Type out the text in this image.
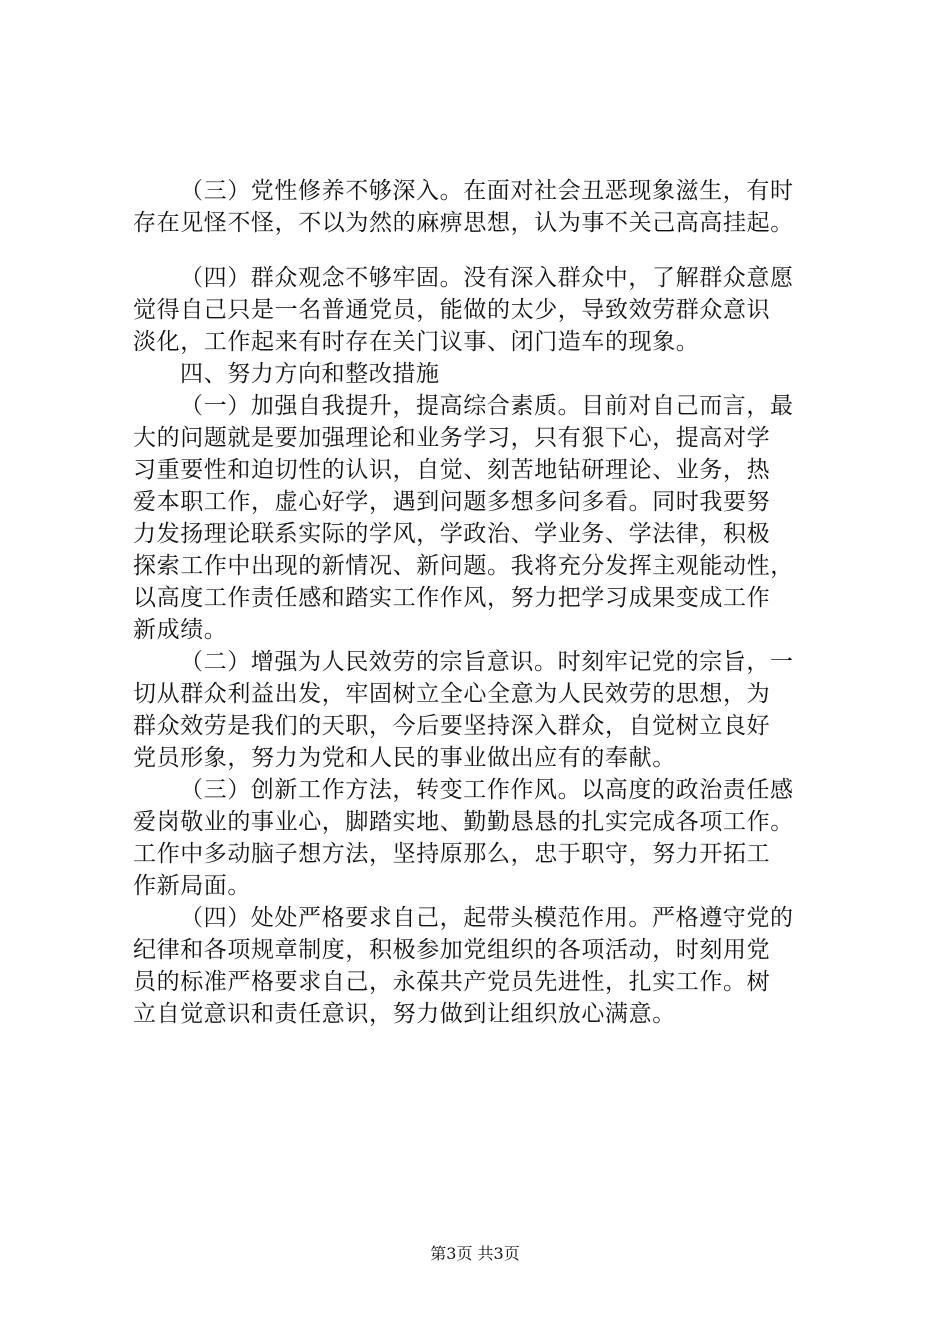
（三）党性修养不够深入。在面对社会丑恶现象滋生，有时
存在见怪不怪，不以为然的麻痹思想，认为事不关己高高挂起。
（四）群众观念不够牢固。没有深入群众中，了解群众意愿
觉得自己只是一名普通党员，能做的太少，导致效劳群众意识
淡化，工作起来有时存在关门议事、闭门造车的现象。
四、努力方向和整改措施
（一）加强自我提升，提高综合素质。目前对自己而言，最
大的问题就是要加强理论和业务学习，只有狠下心，提高对学
习重要性和迫切性的认识，自觉、刻苦地钻研理论、业务，热
爱本职工作，虚心好学，遇到问题多想多问多看。同时我要努
力发扬理论联系实际的学风，学政治、学业务、学法律，积极
探索工作中出现的新情况、新问题。我将充分发挥主观能动性，
以高度工作责任感和踏实工作作风，努力把学习成果变成工作
新成绩。
（二）增强为人民效劳的宗旨意识。时刻牢记党的宗旨，一
切从群众利益出发，牢固树立全心全意为人民效劳的思想，为
群众效劳是我们的天职，今后要坚持深入群众，自觉树立良好
党员形象，努力为党和人民的事业做出应有的奉献。
（三）创新工作方法，转变工作作风。以高度的政治责任感
爱岗敬业的事业心，脚踏实地、勤勤恳恳的扎实完成各项工作。
工作中多动脑子想方法，坚持原那么，忠于职守，努力开拓工
作新局面。
（四）处处严格要求自己，起带头模范作用。严格遵守党的
纪律和各项规章制度，积极参加党组织的各项活动，时刻用党
员的标准严格要求自己，永葆共产党员先进性，扎实工作。树
立自觉意识和责任意识，努力做到让组织放心满意。
第3页 共3页
